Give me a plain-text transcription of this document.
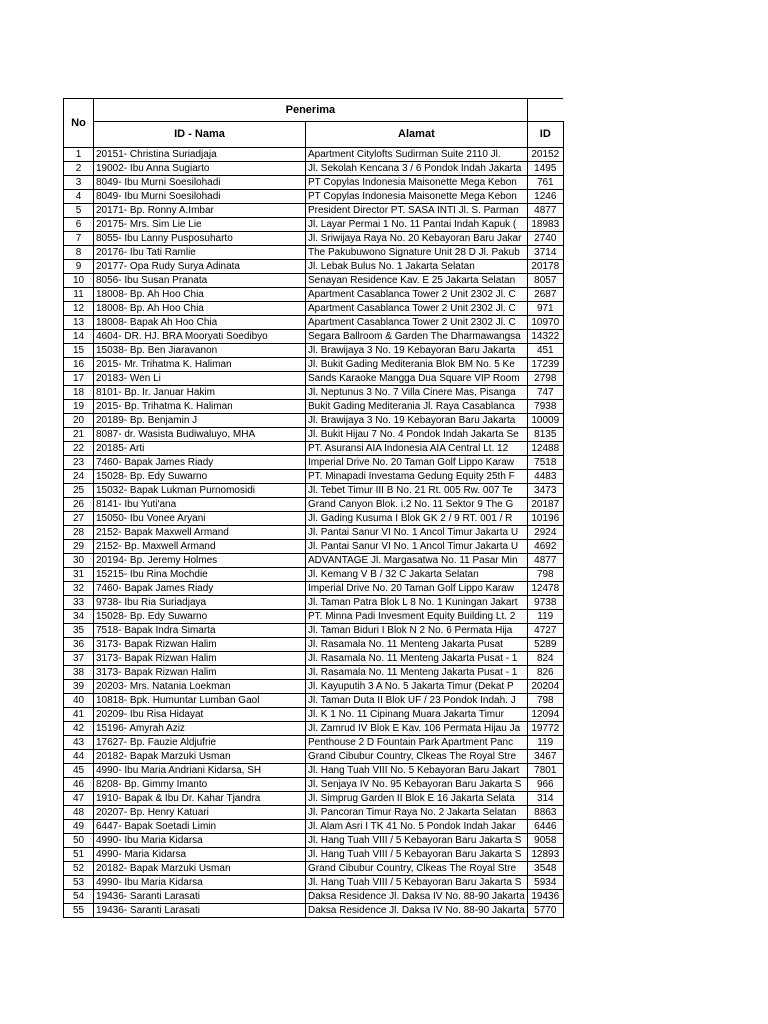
No	Penerima		
	ID - Nama	Alamat	ID
1	20151- Christina Suriadjaja	Apartment Citylofts Sudirman Suite 2110 Jl.	20152
2	19002- Ibu Anna Sugiarto	Jl. Sekolah Kencana 3 / 6 Pondok Indah Jakarta	1495
3	8049- Ibu Murni Soesilohadi	PT Copylas Indonesia Maisonette Mega Kebon	761
4	8049- Ibu Murni Soesilohadi	PT Copylas Indonesia Maisonette Mega Kebon	1246
5	20171- Bp. Ronny A.Imbar	President Director PT. SASA INTI Jl. S. Parman	4877
6	20175- Mrs. Sim Lie Lie	Jl. Layar Permai 1 No. 11 Pantai Indah Kapuk (	18983
7	8055- Ibu Lanny Pusposuharto	Jl. Sriwijaya Raya No. 20 Kebayoran Baru Jakar	2740
8	20176- Ibu Tati Ramlie	The Pakubuwono Signature Unit 28 D Jl. Pakub	3714
9	20177- Opa Rudy Surya Adinata	Jl. Lebak Bulus No. 1 Jakarta Selatan	20178
10	8056- Ibu Susan Pranata	Senayan Residence Kav. E 25 Jakarta Selatan	8057
11	18008- Bp. Ah Hoo Chia	Apartment Casablanca Tower 2 Unit 2302 Jl. C	2687
12	18008- Bp. Ah Hoo Chia	Apartment Casablanca Tower 2 Unit 2302 Jl. C	971
13	18008- Bapak Ah Hoo Chia	Apartment Casablanca Tower 2 Unit 2302 Jl. C	10970
14	4604- DR. HJ. BRA Mooryati Soedibyo	Segara Ballroom & Garden The Dharmawangsa	14322
15	15038- Bp. Ben Jiaravanon	Jl. Brawijaya 3 No. 19 Kebayoran Baru Jakarta	451
16	2015- Mr. Trihatma K. Haliman	Jl. Bukit Gading Mediterania Blok BM No. 5 Ke	17239
17	20183- Wen Li	Sands Karaoke Mangga Dua Square VIP Room	2798
18	8101- Bp. Ir. Januar Hakim	Jl. Neptunus 3 No. 7 Villa Cinere Mas, Pisanga	747
19	2015- Bp. Trihatma K. Haliman	Bukit Gading Mediterania Jl. Raya Casablanca	7938
20	20189- Bp. Benjamin J	Jl. Brawijaya 3 No. 19 Kebayoran Baru Jakarta	10009
21	8087- dr. Wasista Budiwaluyo, MHA	Jl. Bukit Hijau 7 No. 4 Pondok Indah Jakarta Se	8135
22	20185- Arti	PT. Asuransi AIA Indonesia AIA Central Lt. 12	12488
23	7460- Bapak James Riady	Imperial Drive No. 20 Taman Golf Lippo Karaw	7518
24	15028- Bp. Edy Suwarno	PT. Minapadi Investama Gedung Equity 25th F	4483
25	15032- Bapak Lukman Purnomosidi	Jl. Tebet Timur III B No. 21 Rt. 005 Rw. 007 Te	3473
26	8141- Ibu Yuti'ana	Grand Canyon Blok. i.2 No. 11 Sektor 9 The G	20187
27	15050- Ibu Vonee Aryani	Jl. Gading Kusuma I Blok GK 2 / 9 RT. 001 / R	10196
28	2152- Bapak Maxwell Armand	Jl. Pantai Sanur VI No. 1 Ancol Timur Jakarta U	2924
29	2152- Bp. Maxwell Armand	Jl. Pantai Sanur VI No. 1 Ancol Timur Jakarta U	4692
30	20194- Bp. Jeremy Holmes	ADVANTAGE Jl. Margasatwa No. 11 Pasar Min	4877
31	15215- Ibu Rina Mochdie	Jl. Kemang V B / 32 C Jakarta Selatan	798
32	7460- Bapak James Riady	Imperial Drive No. 20 Taman Golf Lippo Karaw	12478
33	9738- Ibu Ria Suriadjaya	Jl. Taman Patra Blok L 8 No. 1 Kuningan Jakart	9738
34	15028- Bp. Edy Suwarno	PT. Minna Padi Invesment Equity Building Lt. 2	119
35	7518- Bapak Indra Simarta	Jl. Taman Biduri I Blok N 2 No. 6 Permata Hija	4727
36	3173- Bapak Rizwan Halim	Jl. Rasamala No. 11 Menteng Jakarta Pusat	5289
37	3173- Bapak Rizwan Halim	Jl. Rasamala No. 11 Menteng Jakarta Pusat - 1	824
38	3173- Bapak Rizwan Halim	Jl. Rasamala No. 11 Menteng Jakarta Pusat - 1	826
39	20203- Mrs. Natania Loekman	Jl. Kayuputih 3 A No. 5 Jakarta Timur (Dekat P	20204
40	10818- Bpk. Humuntar Lumban Gaol	Jl. Taman Duta II Blok UF / 23 Pondok Indah. J	798
41	20209- Ibu Risa Hidayat	Jl. K 1 No. 11 Cipinang Muara Jakarta Timur	12094
42	15196- Amyrah Aziz	Jl. Zamrud IV Blok E Kav. 106 Permata Hijau Ja	19772
43	17627- Bp. Fauzie Aldjufrie	Penthouse 2 D Fountain Park Apartment Panc	119
44	20182- Bapak Marzuki Usman	Grand Cibubur Country, Clkeas The Royal Stre	3467
45	4990- Ibu Maria Andriani Kidarsa, SH	Jl. Hang Tuah VIII No. 5 Kebayoran Baru Jakart	7801
46	8208- Bp. Gimmy Imanto	Jl. Senjaya IV No. 95 Kebayoran Baru Jakarta S	966
47	1910- Bapak & Ibu Dr. Kahar Tjandra	Jl. Simprug Garden II Blok E 16 Jakarta Selata	314
48	20207- Bp. Henry Katuari	Jl. Pancoran Timur Raya No. 2 Jakarta Selatan	8863
49	6447- Bapak Soetadi Limin	Jl. Alam Asri I TK 41 No. 5 Pondok Indah Jakar	6446
50	4990- Ibu Maria Kidarsa	Jl. Hang Tuah VIII / 5 Kebayoran Baru Jakarta S	9058
51	4990- Maria Kidarsa	Jl. Hang Tuah VIII / 5 Kebayoran Baru Jakarta S	12893
52	20182- Bapak Marzuki Usman	Grand Cibubur Country, Clkeas The Royal Stre	3548
53	4990- Ibu Maria Kidarsa	Jl. Hang Tuah VIII / 5 Kebayoran Baru Jakarta S	5934
54	19436- Saranti Larasati	Daksa Residence Jl. Daksa IV No. 88-90 Jakarta	19436
55	19436- Saranti Larasati	Daksa Residence Jl. Daksa IV No. 88-90 Jakarta	5770
